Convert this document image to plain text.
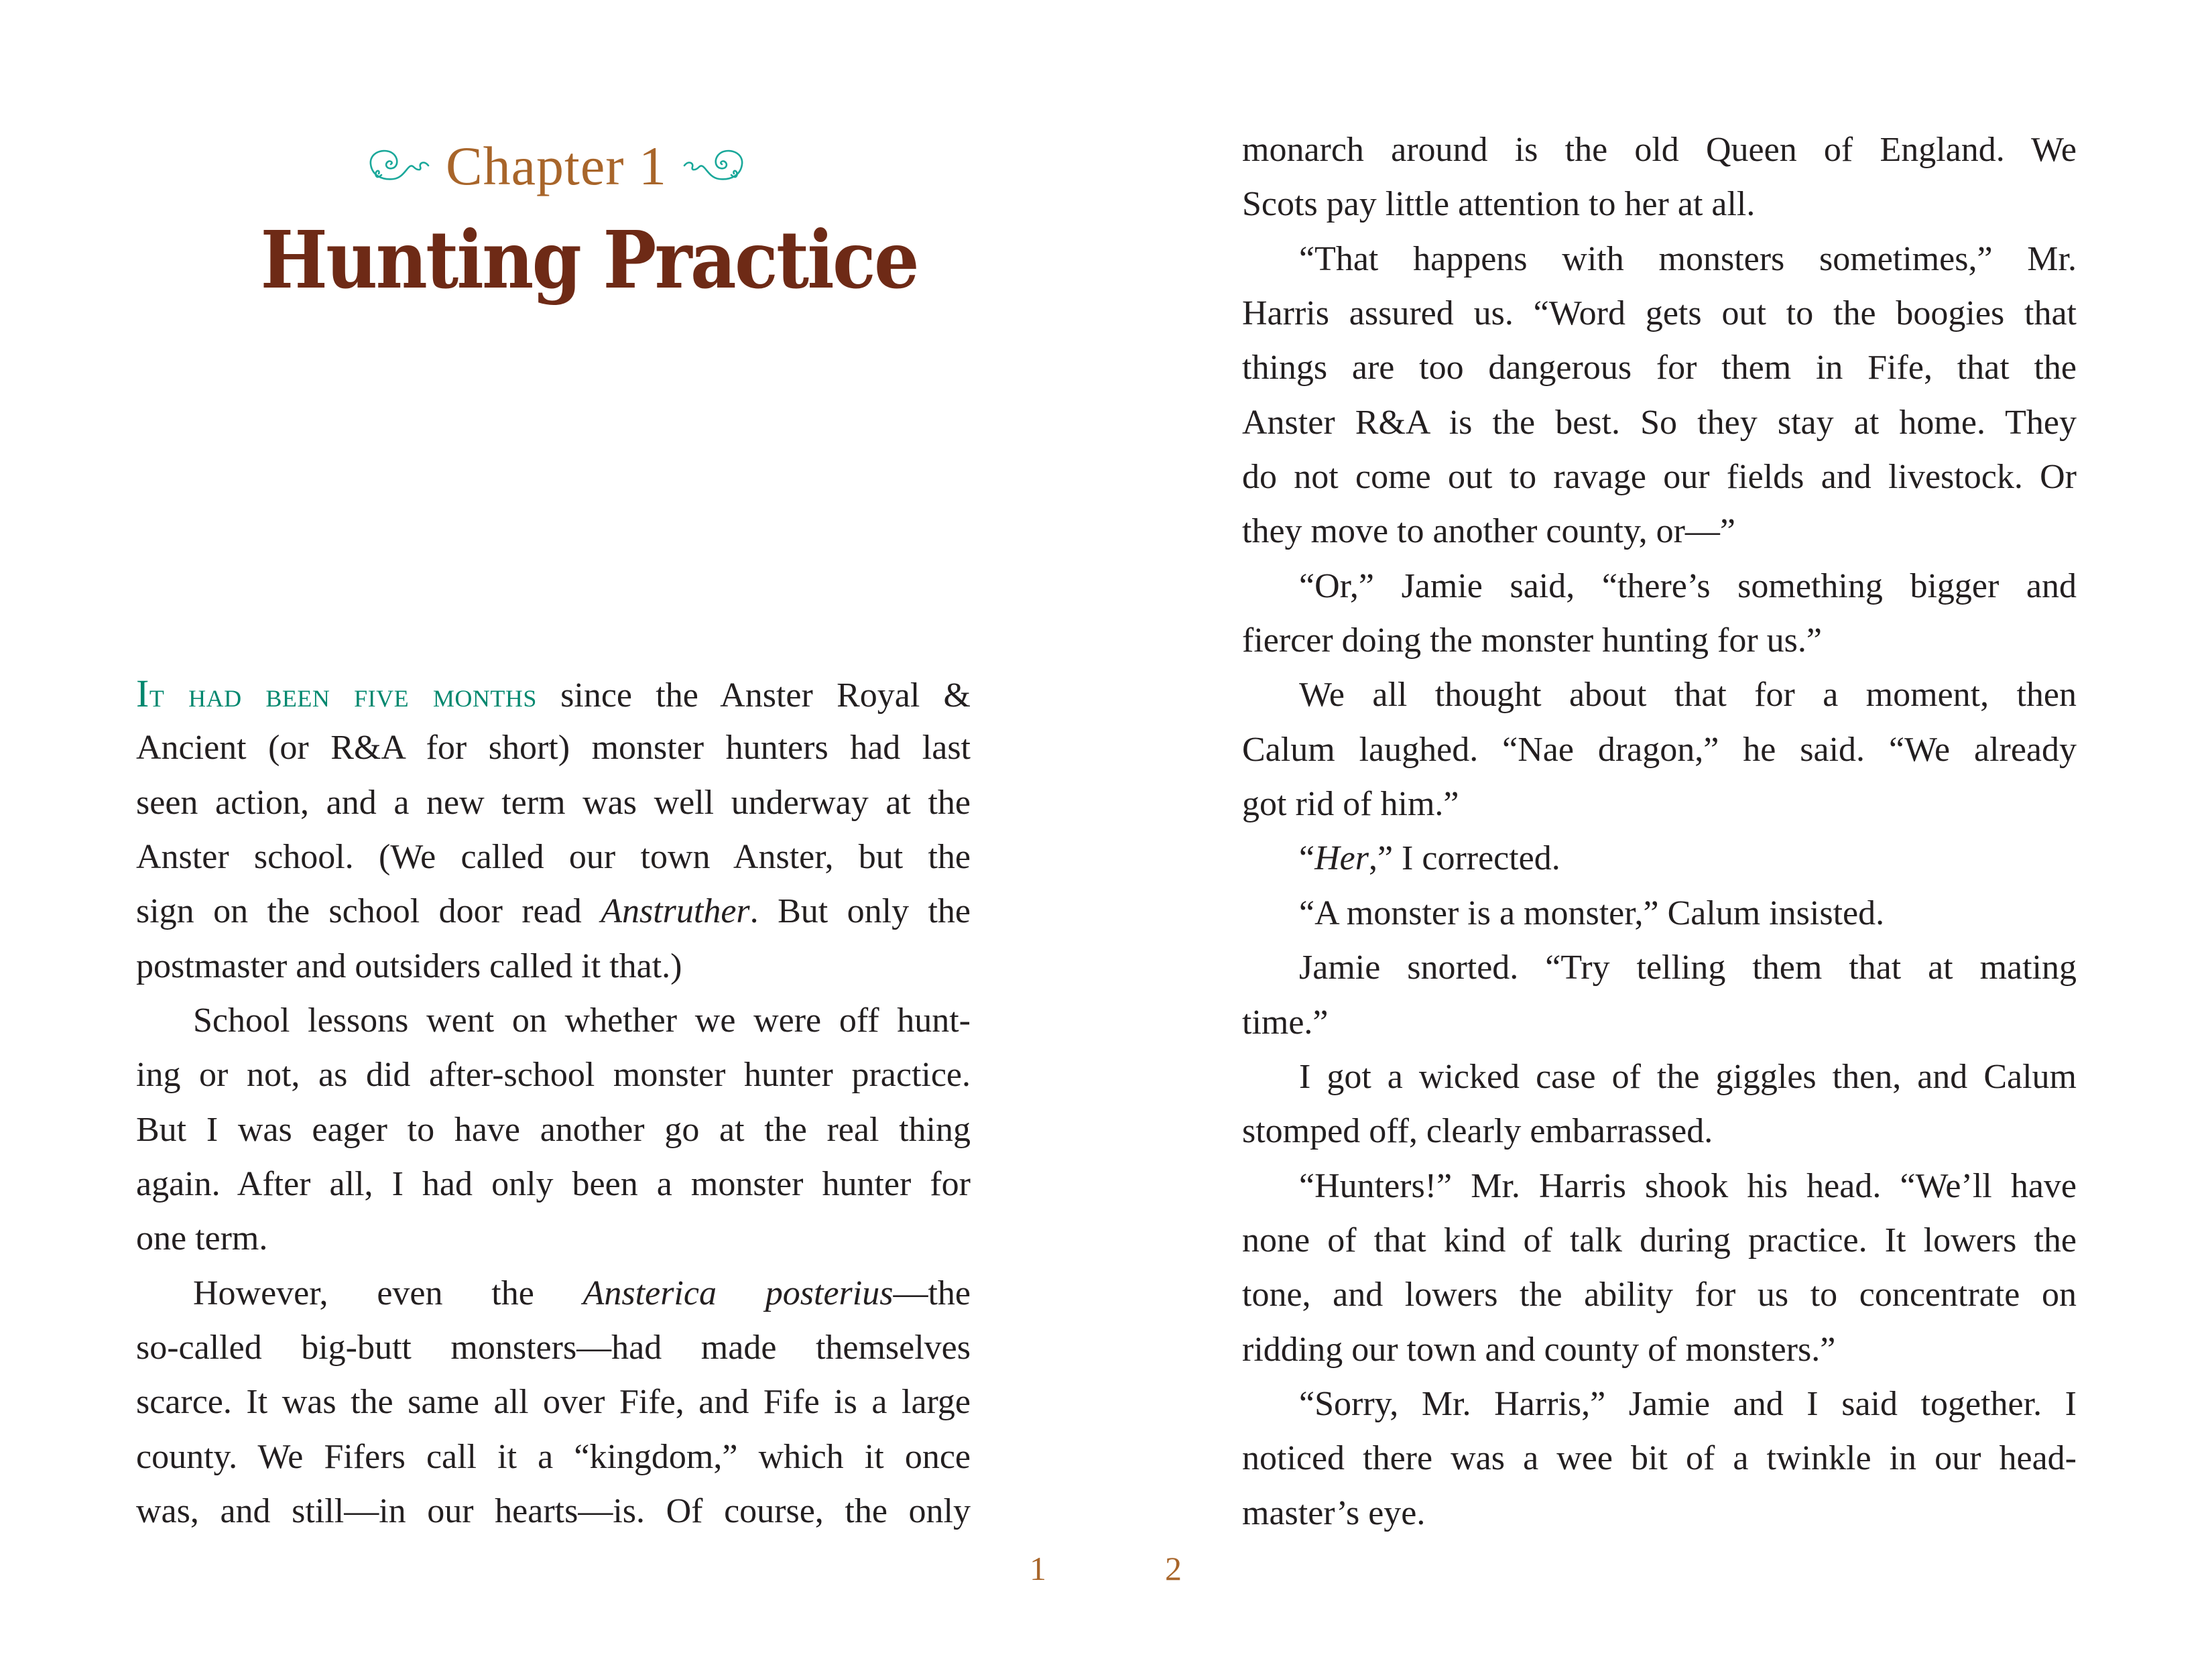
Chapter 1
Hunting Practice
It had been five months since the Anster Royal &
Ancient (or R&A for short) monster hunters had last
seen action, and a new term was well underway at the
Anster school. (We called our town Anster, but the
sign on the school door read Anstruther. But only the
postmaster and outsiders called it that.)
School lessons went on whether we were off hunt-
ing or not, as did after-school monster hunter practice.
But I was eager to have another go at the real thing
again. After all, I had only been a monster hunter for
one term.
However, even the Ansterica posterius—the
so-called big-butt monsters—had made themselves
scarce. It was the same all over Fife, and Fife is a large
county. We Fifers call it a “kingdom,” which it once
was, and still—in our hearts—is. Of course, the only
1
monarch around is the old Queen of England. We
Scots pay little attention to her at all.
“That happens with monsters sometimes,” Mr.
Harris assured us. “Word gets out to the boogies that
things are too dangerous for them in Fife, that the
Anster R&A is the best. So they stay at home. They
do not come out to ravage our fields and livestock. Or
they move to another county, or—”
“Or,” Jamie said, “there’s something bigger and
fiercer doing the monster hunting for us.”
We all thought about that for a moment, then
Calum laughed. “Nae dragon,” he said. “We already
got rid of him.”
“Her,” I corrected.
“A monster is a monster,” Calum insisted.
Jamie snorted. “Try telling them that at mating
time.”
I got a wicked case of the giggles then, and Calum
stomped off, clearly embarrassed.
“Hunters!” Mr. Harris shook his head. “We’ll have
none of that kind of talk during practice. It lowers the
tone, and lowers the ability for us to concentrate on
ridding our town and county of monsters.”
“Sorry, Mr. Harris,” Jamie and I said together. I
noticed there was a wee bit of a twinkle in our head-
master’s eye.
2
